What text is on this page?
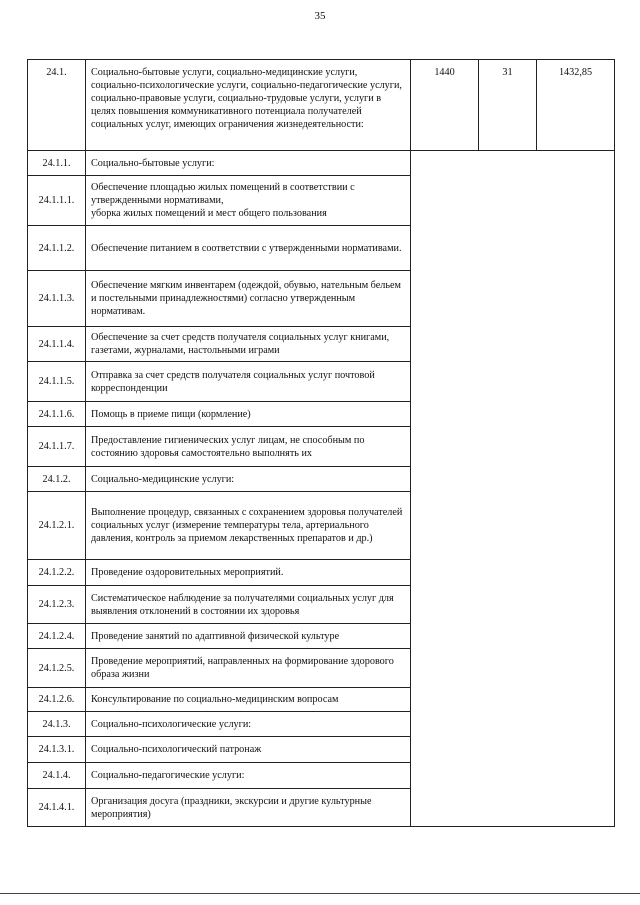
35
24.1.	Социально-бытовые услуги, социально-медицинские услуги, социально-психологические услуги, социально-педагогические услуги, социально-правовые услуги, социально-трудовые услуги, услуги в целях повышения коммуникативного потенциала получателей социальных услуг, имеющих ограничения жизнедеятельности:	1440	31	1432,85
24.1.1.	Социально-бытовые услуги:			
24.1.1.1.	Обеспечение площадью жилых помещений в соответствии с утвержденными нормативами,
уборка жилых помещений и мест общего пользования			
24.1.1.2.	Обеспечение питанием в соответствии с утвержденными нормативами.			
24.1.1.3.	Обеспечение мягким инвентарем (одеждой, обувью, нательным бельем и постельными принадлежностями) согласно утвержденным нормативам.			
24.1.1.4.	Обеспечение за счет средств получателя социальных услуг книгами, газетами, журналами, настольными играми			
24.1.1.5.	Отправка за счет средств получателя социальных услуг почтовой корреспонденции			
24.1.1.6.	Помощь в приеме пищи (кормление)			
24.1.1.7.	Предоставление гигиенических услуг лицам, не способным по состоянию здоровья самостоятельно выполнять их			
24.1.2.	Социально-медицинские услуги:			
24.1.2.1.	Выполнение процедур, связанных с сохранением здоровья получателей социальных услуг (измерение температуры тела, артериального давления, контроль за приемом лекарственных препаратов и др.)			
24.1.2.2.	Проведение оздоровительных мероприятий.			
24.1.2.3.	Систематическое наблюдение за получателями социальных услуг для выявления отклонений в состоянии их здоровья			
24.1.2.4.	Проведение занятий по адаптивной физической культуре			
24.1.2.5.	Проведение мероприятий, направленных на формирование здорового образа жизни			
24.1.2.6.	Консультирование по социально-медицинским вопросам			
24.1.3.	Социально-психологические услуги:			
24.1.3.1.	Социально-психологический патронаж			
24.1.4.	Социально-педагогические услуги:			
24.1.4.1.	Организация досуга (праздники, экскурсии и другие культурные мероприятия)			
